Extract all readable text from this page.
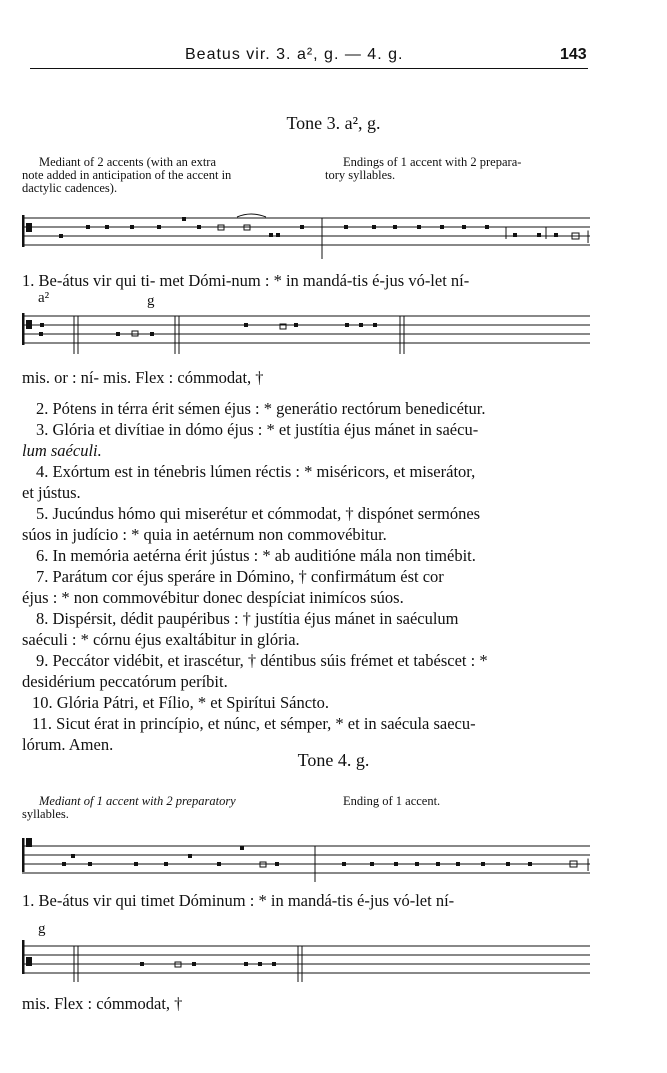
Beatus vir. 3. a², g. — 4. g.	143
Tone 3. a², g.
Mediant of 2 accents (with an extra
note added in anticipation of the accent in
dactylic cadences).
Endings of 1 accent with 2 prepara-
tory syllables.
|
1. Be-átus vir qui ti- met Dómi-num : * in mandá-tis é-jus vó-let ní-
a²	g
mis. or : ní- mis. Flex : cómmodat, †
2. Pótens in térra érit sémen éjus : * generátio rectórum benedicétur.
3. Glória et divítiae in dómo éjus : * et justítia éjus mánet in saécu-
lum saéculi.
4. Exórtum est in ténebris lúmen réctis : * miséricors, et miserátor,
et jústus.
5. Jucúndus hómo qui miserétur et cómmodat, † dispónet sermónes
súos in judício : * quia in aetérnum non commovébitur.
6. In memória aetérna érit jústus : * ab auditióne mála non timébit.
7. Parátum cor éjus speráre in Dómino, † confirmátum ést cor
éjus : * non commovébitur donec despíciat inimícos súos.
8. Dispérsit, dédit paupéribus : † justítia éjus mánet in saéculum
saéculi : * córnu éjus exaltábitur in glória.
9. Peccátor vidébit, et irascétur, † déntibus súis frémet et tabéscet : *
desidérium peccatórum períbit.
10. Glória Pátri, et Fílio, * et Spirítui Sáncto.
11. Sicut érat in princípio, et núnc, et sémper, * et in saécula saecu-
lórum. Amen.
Tone 4. g.
Mediant of 1 accent with 2 preparatory
syllables.
Ending of 1 accent.
|
1. Be-átus vir qui timet Dóminum : * in mandá-tis é-jus vó-let ní-
g
mis. Flex : cómmodat, †
